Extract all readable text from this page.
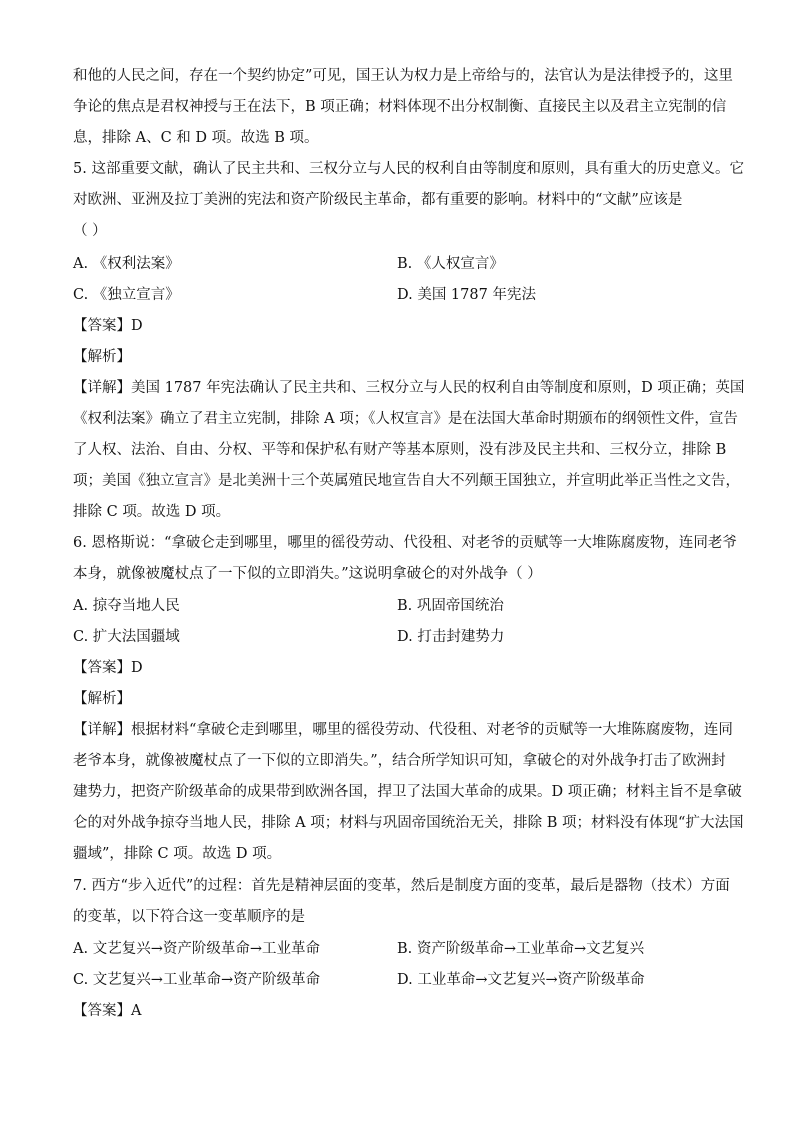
和他的人民之间，存在一个契约协定”可见，国王认为权力是上帝给与的，法官认为是法律授予的，这里
争论的焦点是君权神授与王在法下，B 项正确；材料体现不出分权制衡、直接民主以及君主立宪制的信
息，排除 A、C 和 D 项。故选 B 项。
5. 这部重要文献，确认了民主共和、三权分立与人民的权利自由等制度和原则，具有重大的历史意义。它
对欧洲、亚洲及拉丁美洲的宪法和资产阶级民主革命，都有重要的影响。材料中的“文献”应该是
（ ）
A. 《权利法案》	B. 《人权宣言》
C. 《独立宣言》	D. 美国 1787 年宪法
【答案】D
【解析】
【详解】美国 1787 年宪法确认了民主共和、三权分立与人民的权利自由等制度和原则，D 项正确；英国
《权利法案》确立了君主立宪制，排除 A 项；《人权宣言》是在法国大革命时期颁布的纲领性文件，宣告
了人权、法治、自由、分权、平等和保护私有财产等基本原则，没有涉及民主共和、三权分立，排除 B
项；美国《独立宣言》是北美洲十三个英属殖民地宣告自大不列颠王国独立，并宣明此举正当性之文告，
排除 C 项。故选 D 项。
6. 恩格斯说：“拿破仑走到哪里，哪里的徭役劳动、代役租、对老爷的贡赋等一大堆陈腐废物，连同老爷
本身，就像被魔杖点了一下似的立即消失。”这说明拿破仑的对外战争（ ）
A. 掠夺当地人民	B. 巩固帝国统治
C. 扩大法国疆域	D. 打击封建势力
【答案】D
【解析】
【详解】根据材料“拿破仑走到哪里，哪里的徭役劳动、代役租、对老爷的贡赋等一大堆陈腐废物，连同
老爷本身，就像被魔杖点了一下似的立即消失。”，结合所学知识可知，拿破仑的对外战争打击了欧洲封
建势力，把资产阶级革命的成果带到欧洲各国，捍卫了法国大革命的成果。D 项正确；材料主旨不是拿破
仑的对外战争掠夺当地人民，排除 A 项；材料与巩固帝国统治无关，排除 B 项；材料没有体现“扩大法国
疆域”，排除 C 项。故选 D 项。
7. 西方“步入近代”的过程：首先是精神层面的变革，然后是制度方面的变革，最后是器物（技术）方面
的变革，以下符合这一变革顺序的是
A. 文艺复兴→资产阶级革命→工业革命	B. 资产阶级革命→工业革命→文艺复兴
C. 文艺复兴→工业革命→资产阶级革命	D. 工业革命→文艺复兴→资产阶级革命
【答案】A
